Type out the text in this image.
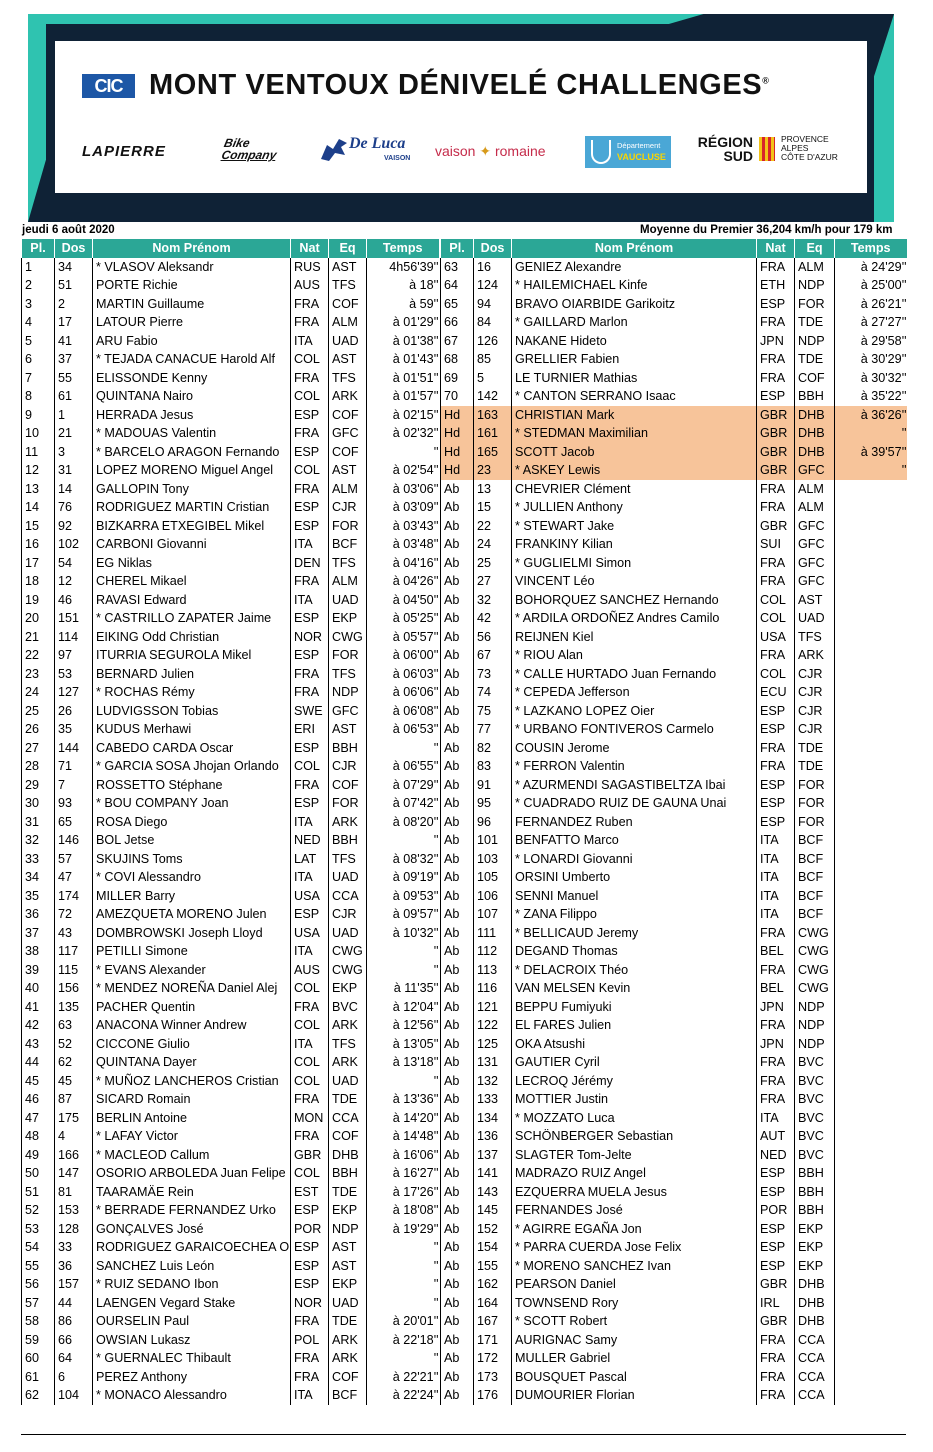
CIC MONT VENTOUX DÉNIVELÉ CHALLENGES®
LAPIERRE	Bike
Company
De Luca
VAISON vaison ✦ romaine	Département
VAUCLUSE
RÉGION
SUD
PROVENCE
ALPES
CÔTE D'AZUR
jeudi 6 août 2020	Moyenne du Premier 36,204 km/h pour 179 km
Pl.	Dos	Nom Prénom	Nat	Eq	Temps
1	34	* VLASOV Aleksandr	RUS	AST	4h56'39''
2	51	PORTE Richie	AUS	TFS	à 18''
3	2	MARTIN Guillaume	FRA	COF	à 59''
4	17	LATOUR Pierre	FRA	ALM	à 01'29''
5	41	ARU Fabio	ITA	UAD	à 01'38''
6	37	* TEJADA CANACUE Harold Alf	COL	AST	à 01'43''
7	55	ELISSONDE Kenny	FRA	TFS	à 01'51''
8	61	QUINTANA Nairo	COL	ARK	à 01'57''
9	1	HERRADA Jesus	ESP	COF	à 02'15''
10	21	* MADOUAS Valentin	FRA	GFC	à 02'32''
11	3	* BARCELO ARAGON Fernando	ESP	COF	''
12	31	LOPEZ MORENO Miguel Angel	COL	AST	à 02'54''
13	14	GALLOPIN Tony	FRA	ALM	à 03'06''
14	76	RODRIGUEZ MARTIN Cristian	ESP	CJR	à 03'09''
15	92	BIZKARRA ETXEGIBEL Mikel	ESP	FOR	à 03'43''
16	102	CARBONI Giovanni	ITA	BCF	à 03'48''
17	54	EG Niklas	DEN	TFS	à 04'16''
18	12	CHEREL Mikael	FRA	ALM	à 04'26''
19	46	RAVASI Edward	ITA	UAD	à 04'50''
20	151	* CASTRILLO ZAPATER Jaime	ESP	EKP	à 05'25''
21	114	EIKING Odd Christian	NOR	CWG	à 05'57''
22	97	ITURRIA SEGUROLA Mikel	ESP	FOR	à 06'00''
23	53	BERNARD Julien	FRA	TFS	à 06'03''
24	127	* ROCHAS Rémy	FRA	NDP	à 06'06''
25	26	LUDVIGSSON Tobias	SWE	GFC	à 06'08''
26	35	KUDUS Merhawi	ERI	AST	à 06'53''
27	144	CABEDO CARDA Oscar	ESP	BBH	''
28	71	* GARCIA SOSA Jhojan Orlando	COL	CJR	à 06'55''
29	7	ROSSETTO Stéphane	FRA	COF	à 07'29''
30	93	* BOU COMPANY Joan	ESP	FOR	à 07'42''
31	65	ROSA Diego	ITA	ARK	à 08'20''
32	146	BOL Jetse	NED	BBH	''
33	57	SKUJINS Toms	LAT	TFS	à 08'32''
34	47	* COVI Alessandro	ITA	UAD	à 09'19''
35	174	MILLER Barry	USA	CCA	à 09'53''
36	72	AMEZQUETA MORENO Julen	ESP	CJR	à 09'57''
37	43	DOMBROWSKI Joseph Lloyd	USA	UAD	à 10'32''
38	117	PETILLI Simone	ITA	CWG	''
39	115	* EVANS Alexander	AUS	CWG	''
40	156	* MENDEZ NOREÑA Daniel Alej	COL	EKP	à 11'35''
41	135	PACHER Quentin	FRA	BVC	à 12'04''
42	63	ANACONA Winner Andrew	COL	ARK	à 12'56''
43	52	CICCONE Giulio	ITA	TFS	à 13'05''
44	62	QUINTANA Dayer	COL	ARK	à 13'18''
45	45	* MUÑOZ LANCHEROS Cristian	COL	UAD	''
46	87	SICARD Romain	FRA	TDE	à 13'36''
47	175	BERLIN Antoine	MON	CCA	à 14'20''
48	4	* LAFAY Victor	FRA	COF	à 14'48''
49	166	* MACLEOD Callum	GBR	DHB	à 16'06''
50	147	OSORIO ARBOLEDA Juan Felipe	COL	BBH	à 16'27''
51	81	TAARAMÄE Rein	EST	TDE	à 17'26''
52	153	* BERRADE FERNANDEZ Urko	ESP	EKP	à 18'08''
53	128	GONÇALVES José	POR	NDP	à 19'29''
54	33	RODRIGUEZ GARAICOECHEA O	ESP	AST	''
55	36	SANCHEZ Luis León	ESP	AST	''
56	157	* RUIZ SEDANO Ibon	ESP	EKP	''
57	44	LAENGEN Vegard Stake	NOR	UAD	''
58	86	OURSELIN Paul	FRA	TDE	à 20'01''
59	66	OWSIAN Lukasz	POL	ARK	à 22'18''
60	64	* GUERNALEC Thibault	FRA	ARK	''
61	6	PEREZ Anthony	FRA	COF	à 22'21''
62	104	* MONACO Alessandro	ITA	BCF	à 22'24''
Pl.	Dos	Nom Prénom	Nat	Eq	Temps
63	16	GENIEZ Alexandre	FRA	ALM	à 24'29''
64	124	* HAILEMICHAEL Kinfe	ETH	NDP	à 25'00''
65	94	BRAVO OIARBIDE Garikoitz	ESP	FOR	à 26'21''
66	84	* GAILLARD Marlon	FRA	TDE	à 27'27''
67	126	NAKANE Hideto	JPN	NDP	à 29'58''
68	85	GRELLIER Fabien	FRA	TDE	à 30'29''
69	5	LE TURNIER Mathias	FRA	COF	à 30'32''
70	142	* CANTON SERRANO Isaac	ESP	BBH	à 35'22''
Hd	163	CHRISTIAN Mark	GBR	DHB	à 36'26''
Hd	161	* STEDMAN Maximilian	GBR	DHB	''
Hd	165	SCOTT Jacob	GBR	DHB	à 39'57''
Hd	23	* ASKEY Lewis	GBR	GFC	''
Ab	13	CHEVRIER Clément	FRA	ALM	
Ab	15	* JULLIEN Anthony	FRA	ALM	
Ab	22	* STEWART Jake	GBR	GFC	
Ab	24	FRANKINY Kilian	SUI	GFC	
Ab	25	* GUGLIELMI Simon	FRA	GFC	
Ab	27	VINCENT Léo	FRA	GFC	
Ab	32	BOHORQUEZ SANCHEZ Hernando	COL	AST	
Ab	42	* ARDILA ORDOÑEZ Andres Camilo	COL	UAD	
Ab	56	REIJNEN Kiel	USA	TFS	
Ab	67	* RIOU Alan	FRA	ARK	
Ab	73	* CALLE HURTADO Juan Fernando	COL	CJR	
Ab	74	* CEPEDA Jefferson	ECU	CJR	
Ab	75	* LAZKANO LOPEZ Oier	ESP	CJR	
Ab	77	* URBANO FONTIVEROS Carmelo	ESP	CJR	
Ab	82	COUSIN Jerome	FRA	TDE	
Ab	83	* FERRON Valentin	FRA	TDE	
Ab	91	* AZURMENDI SAGASTIBELTZA Ibai	ESP	FOR	
Ab	95	* CUADRADO RUIZ DE GAUNA Unai	ESP	FOR	
Ab	96	FERNANDEZ Ruben	ESP	FOR	
Ab	101	BENFATTO Marco	ITA	BCF	
Ab	103	* LONARDI Giovanni	ITA	BCF	
Ab	105	ORSINI Umberto	ITA	BCF	
Ab	106	SENNI Manuel	ITA	BCF	
Ab	107	* ZANA Filippo	ITA	BCF	
Ab	111	* BELLICAUD Jeremy	FRA	CWG	
Ab	112	DEGAND Thomas	BEL	CWG	
Ab	113	* DELACROIX Théo	FRA	CWG	
Ab	116	VAN MELSEN Kevin	BEL	CWG	
Ab	121	BEPPU Fumiyuki	JPN	NDP	
Ab	122	EL FARES Julien	FRA	NDP	
Ab	125	OKA Atsushi	JPN	NDP	
Ab	131	GAUTIER Cyril	FRA	BVC	
Ab	132	LECROQ Jérémy	FRA	BVC	
Ab	133	MOTTIER Justin	FRA	BVC	
Ab	134	* MOZZATO Luca	ITA	BVC	
Ab	136	SCHÖNBERGER Sebastian	AUT	BVC	
Ab	137	SLAGTER Tom-Jelte	NED	BVC	
Ab	141	MADRAZO RUIZ Angel	ESP	BBH	
Ab	143	EZQUERRA MUELA Jesus	ESP	BBH	
Ab	145	FERNANDES José	POR	BBH	
Ab	152	* AGIRRE EGAÑA Jon	ESP	EKP	
Ab	154	* PARRA CUERDA Jose Felix	ESP	EKP	
Ab	155	* MORENO SANCHEZ Ivan	ESP	EKP	
Ab	162	PEARSON Daniel	GBR	DHB	
Ab	164	TOWNSEND Rory	IRL	DHB	
Ab	167	* SCOTT Robert	GBR	DHB	
Ab	171	AURIGNAC Samy	FRA	CCA	
Ab	172	MULLER Gabriel	FRA	CCA	
Ab	173	BOUSQUET Pascal	FRA	CCA	
Ab	176	DUMOURIER Florian	FRA	CCA	
